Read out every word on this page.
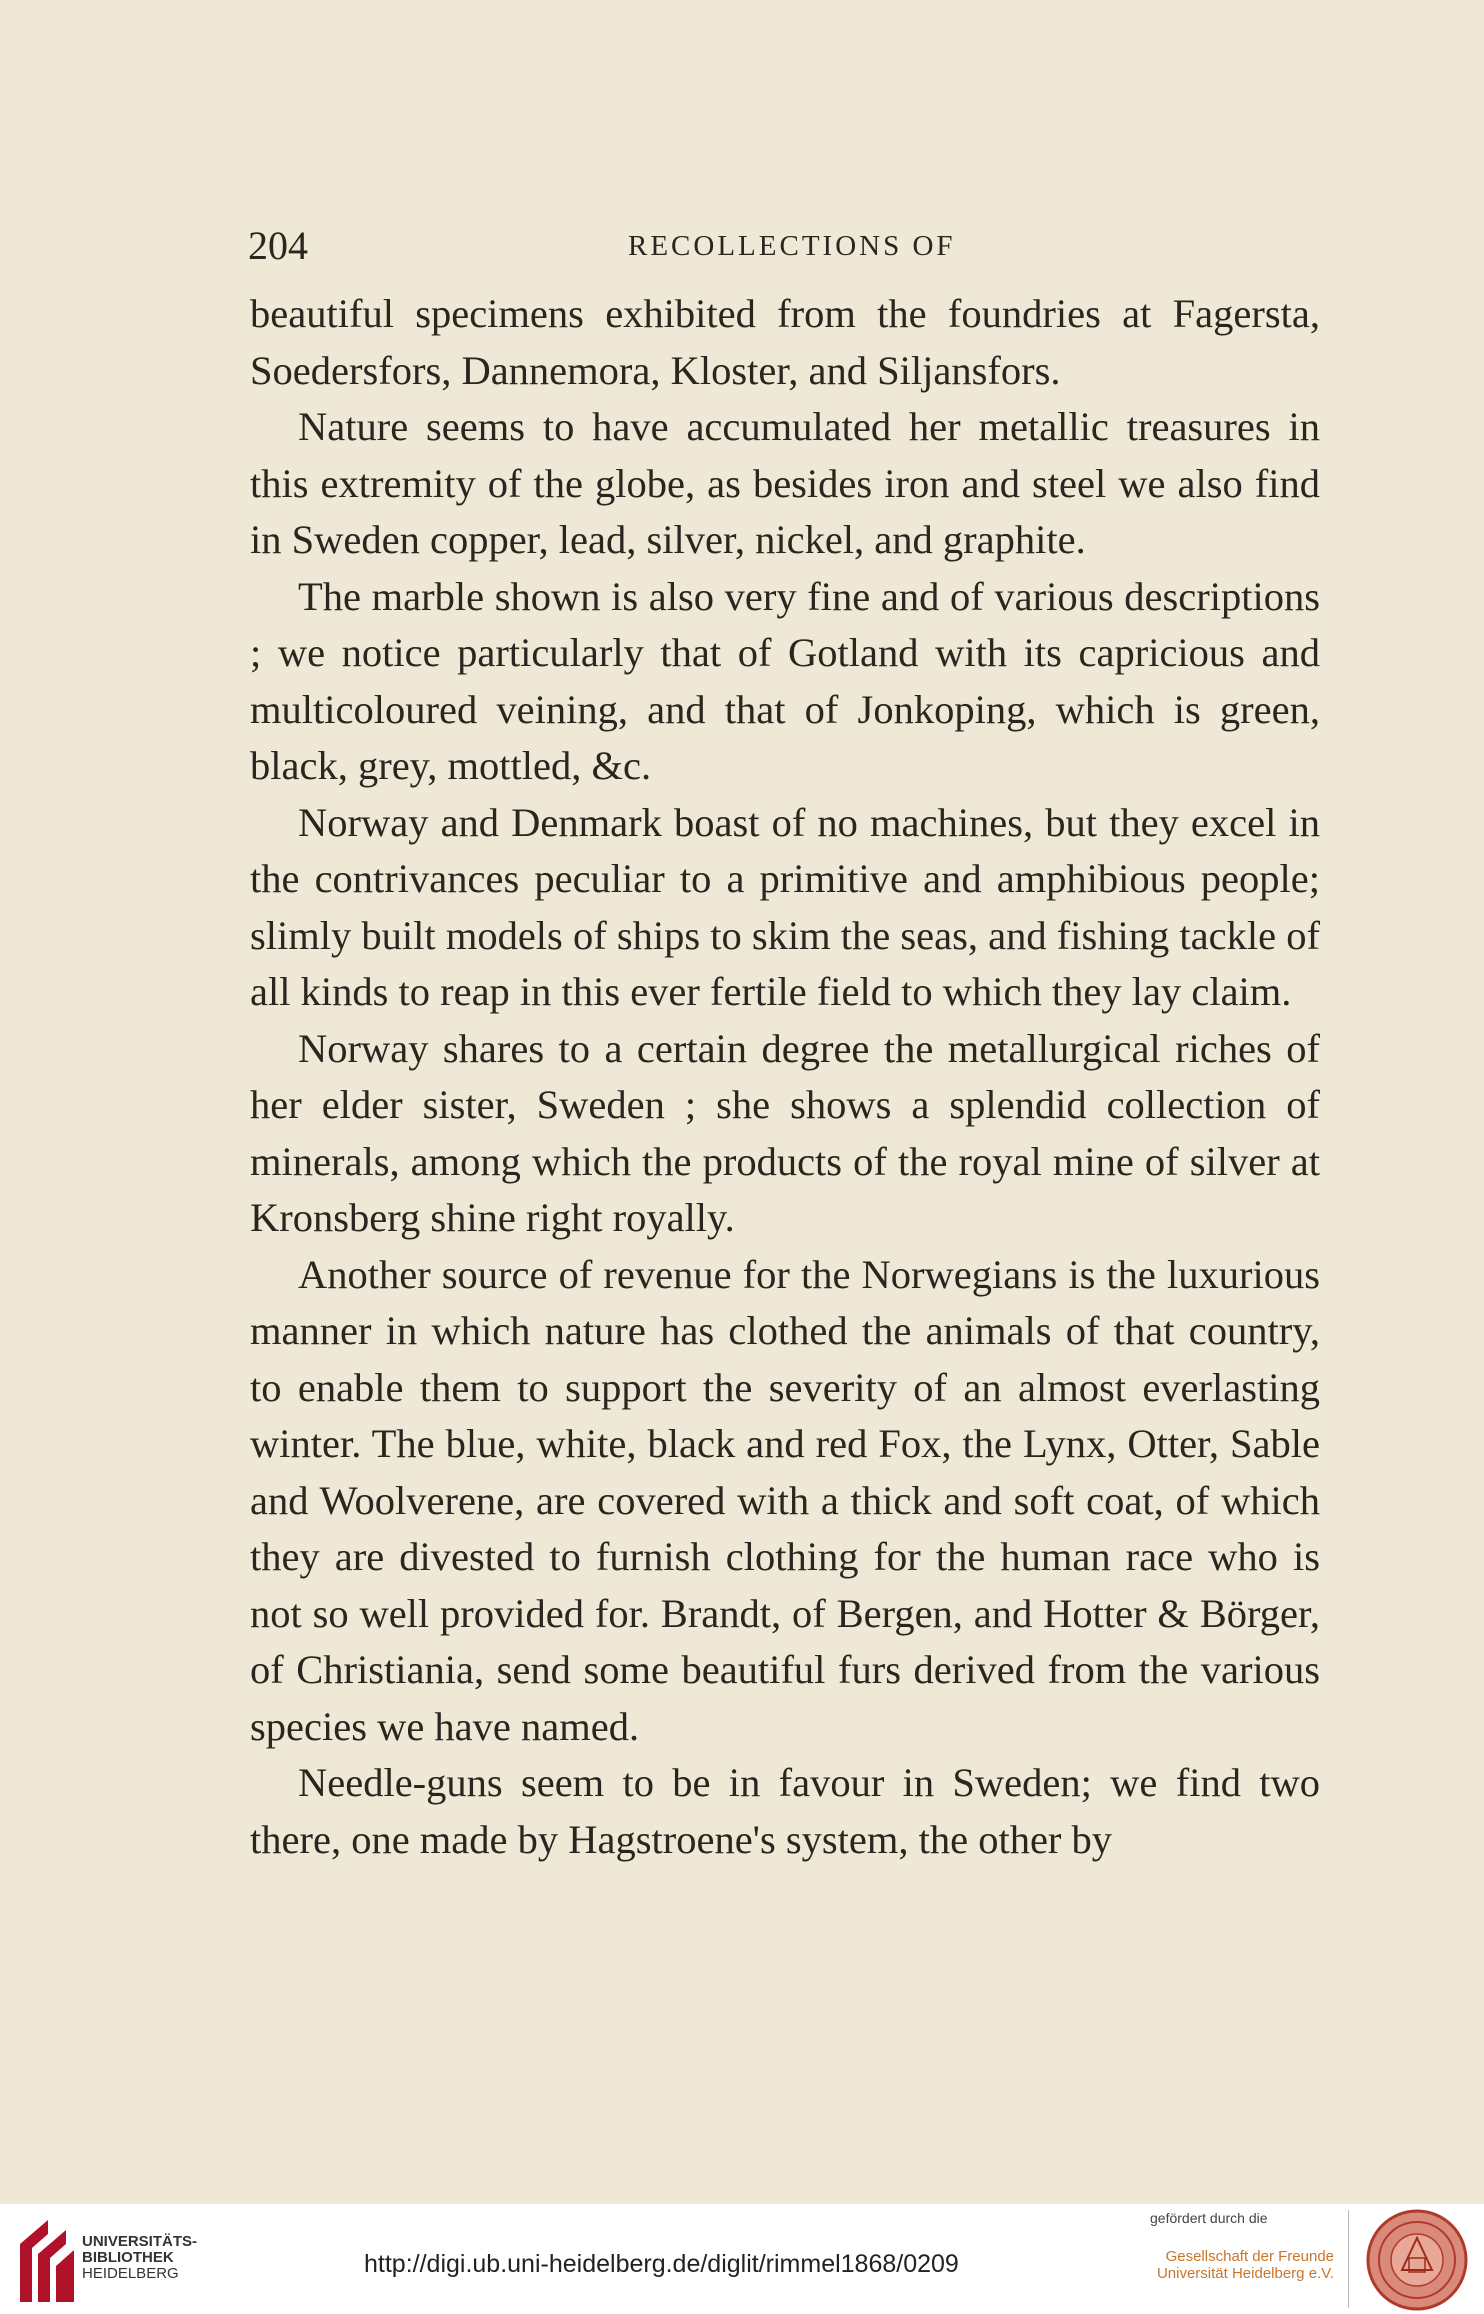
204	RECOLLECTIONS OF

beautiful specimens exhibited from the foundries at Fagersta, Soedersfors, Dannemora, Kloster, and Siljansfors.

Nature seems to have accumulated her metallic treasures in this extremity of the globe, as besides iron and steel we also find in Sweden copper, lead, silver, nickel, and graphite.

The marble shown is also very fine and of various descriptions ; we notice particularly that of Gotland with its capricious and multicoloured veining, and that of Jonkoping, which is green, black, grey, mottled, &c.

Norway and Denmark boast of no machines, but they excel in the contrivances peculiar to a primitive and amphibious people; slimly built models of ships to skim the seas, and fishing tackle of all kinds to reap in this ever fertile field to which they lay claim.

Norway shares to a certain degree the metallurgical riches of her elder sister, Sweden ; she shows a splendid collection of minerals, among which the products of the royal mine of silver at Kronsberg shine right royally.

Another source of revenue for the Norwegians is the luxurious manner in which nature has clothed the animals of that country, to enable them to support the severity of an almost everlasting winter. The blue, white, black and red Fox, the Lynx, Otter, Sable and Woolverene, are covered with a thick and soft coat, of which they are divested to furnish clothing for the human race who is not so well provided for. Brandt, of Bergen, and Hotter & Börger, of Christiania, send some beautiful furs derived from the various species we have named.

Needle-guns seem to be in favour in Sweden; we find two there, one made by Hagstroene's system, the other by

UNIVERSITÄTS-
BIBLIOTHEK
HEIDELBERG	http://digi.ub.uni-heidelberg.de/diglit/rimmel1868/0209
gefördert durch die
Gesellschaft der Freunde
Universität Heidelberg e.V.
